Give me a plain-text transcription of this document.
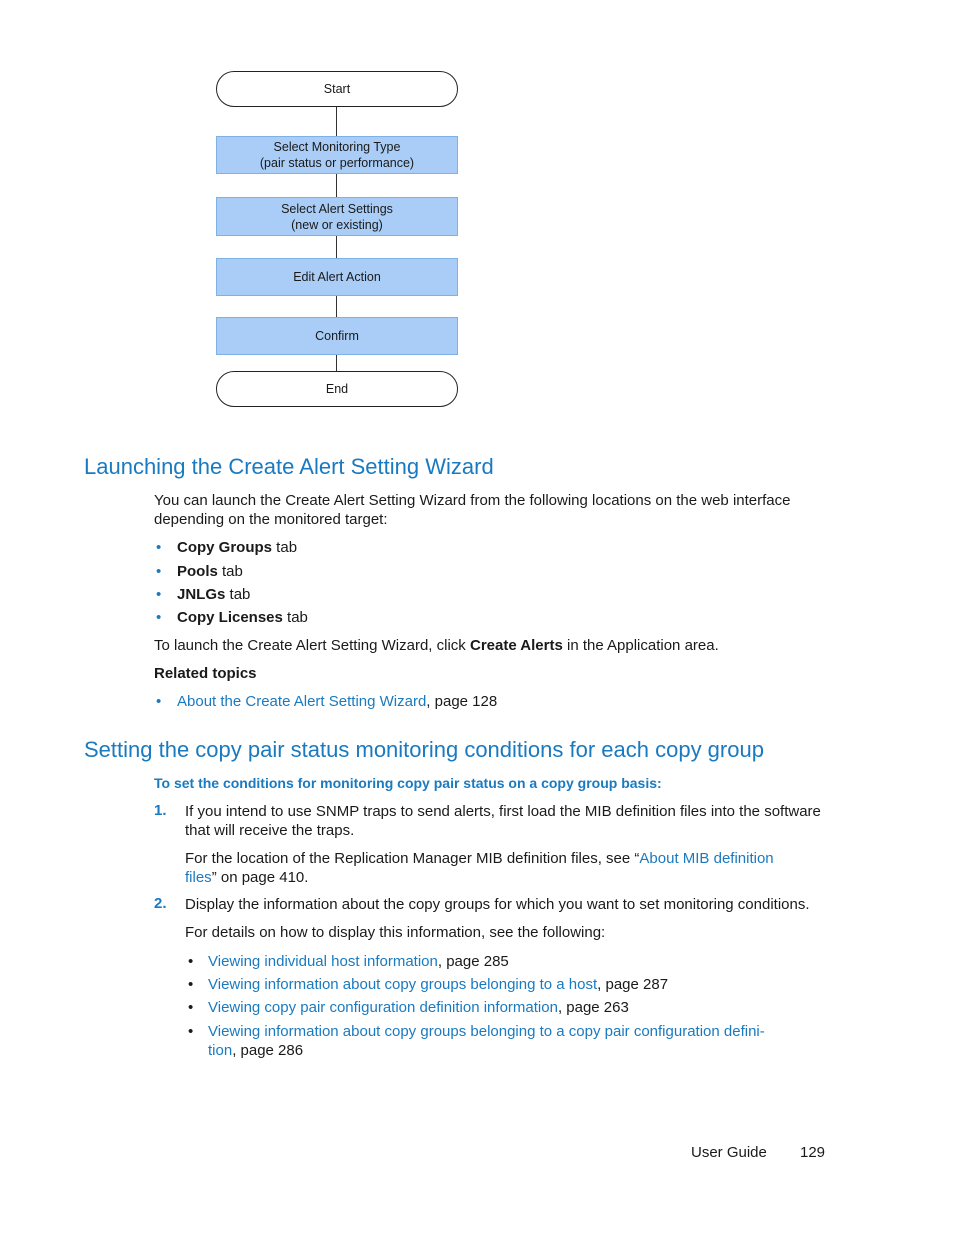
Start
Select Monitoring Type
(pair status or performance)
Select Alert Settings
(new or existing)
Edit Alert Action
Confirm
End
Launching the Create Alert Setting Wizard

You can launch the Create Alert Setting Wizard from the following locations on the web interface depending on the monitored target:

• Copy Groups tab
• Pools tab
• JNLGs tab
• Copy Licenses tab

To launch the Create Alert Setting Wizard, click Create Alerts in the Application area.

Related topics

• About the Create Alert Setting Wizard, page 128
Setting the copy pair status monitoring conditions for each copy group
To set the conditions for monitoring copy pair status on a copy group basis:
1. If you intend to use SNMP traps to send alerts, first load the MIB definition files into the software that will receive the traps.

For the location of the Replication Manager MIB definition files, see “About MIB definition files” on page 410.

2. Display the information about the copy groups for which you want to set monitoring conditions.

For details on how to display this information, see the following:

• Viewing individual host information, page 285
• Viewing information about copy groups belonging to a host, page 287
• Viewing copy pair configuration definition information, page 263
• Viewing information about copy groups belonging to a copy pair configuration defini-
tion, page 286
User Guide 129
